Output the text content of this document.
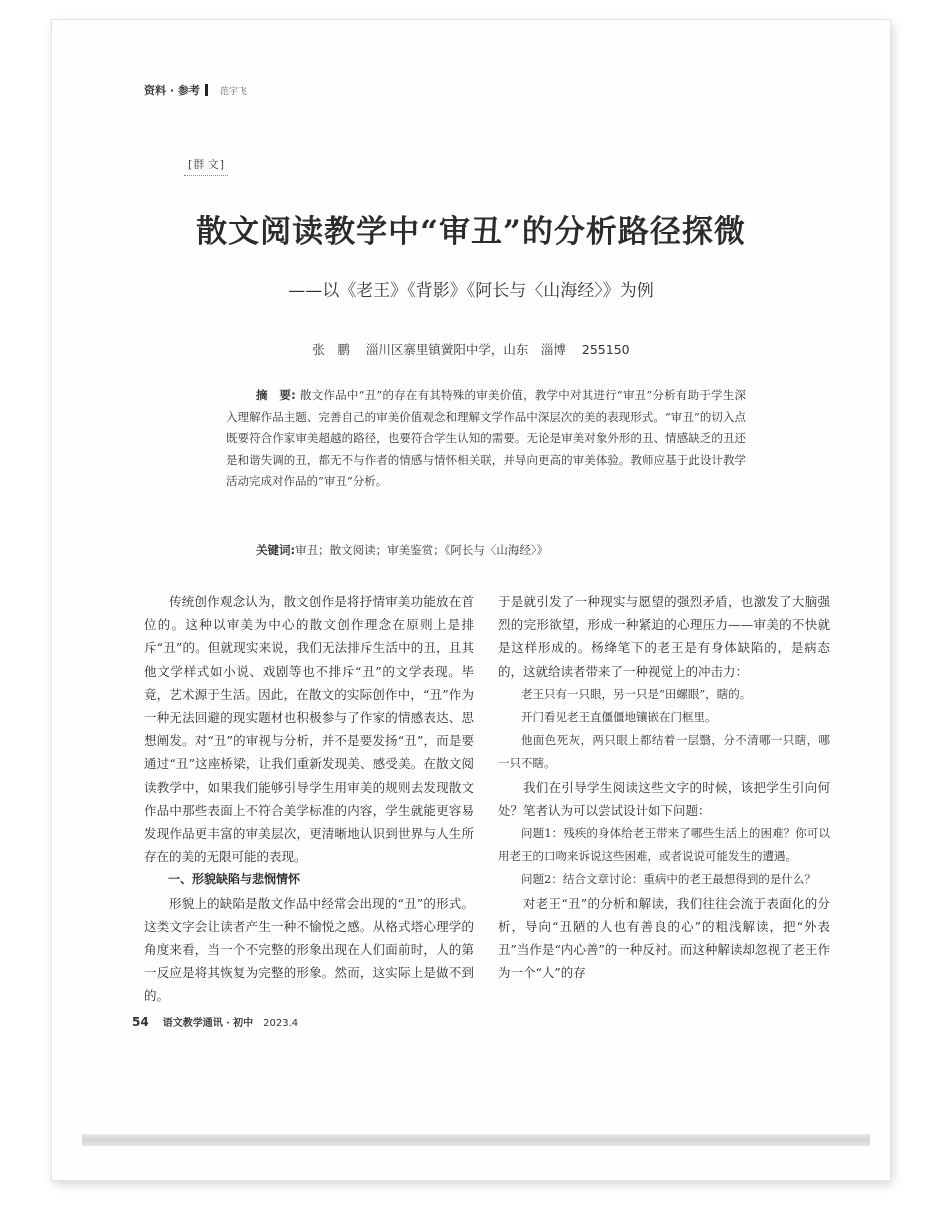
资料 · 参考 范宇飞
[ 群 文 ]
散文阅读教学中“审丑”的分析路径探微
——以《老王》《背影》《阿长与〈山海经〉》为例
张　鹏 淄川区寨里镇黉阳中学，山东　淄博 255150
摘　要: 散文作品中“丑”的存在有其特殊的审美价值，教学中对其进行“审丑”分析有助于学生深入理解作品主题、完善自己的审美价值观念和理解文学作品中深层次的美的表现形式。“审丑”的切入点既要符合作家审美超越的路径，也要符合学生认知的需要。无论是审美对象外形的丑、情感缺乏的丑还是和谐失调的丑，都无不与作者的情感与情怀相关联，并导向更高的审美体验。教师应基于此设计教学活动完成对作品的“审丑”分析。
关键词:审丑；散文阅读；审美鉴赏；《阿长与〈山海经〉》

传统创作观念认为，散文创作是将抒情审美功能放在首位的。这种以审美为中心的散文创作理念在原则上是排斥“丑”的。但就现实来说，我们无法排斥生活中的丑，且其他文学样式如小说、戏剧等也不排斥“丑”的文学表现。毕竟，艺术源于生活。因此，在散文的实际创作中，“丑”作为一种无法回避的现实题材也积极参与了作家的情感表达、思想阐发。对“丑”的审视与分析，并不是要发扬“丑”，而是要通过“丑”这座桥梁，让我们重新发现美、感受美。在散文阅读教学中，如果我们能够引导学生用审美的规则去发现散文作品中那些表面上不符合美学标准的内容，学生就能更容易发现作品更丰富的审美层次，更清晰地认识到世界与人生所存在的美的无限可能的表现。

一、形貌缺陷与悲悯情怀

形貌上的缺陷是散文作品中经常会出现的“丑”的形式。这类文字会让读者产生一种不愉悦之感。从格式塔心理学的角度来看，当一个不完整的形象出现在人们面前时，人的第一反应是将其恢复为完整的形象。然而，这实际上是做不到的。

于是就引发了一种现实与愿望的强烈矛盾，也激发了大脑强烈的完形欲望，形成一种紧迫的心理压力——审美的不快就是这样形成的。杨绛笔下的老王是有身体缺陷的，是病态的，这就给读者带来了一种视觉上的冲击力：

老王只有一只眼，另一只是“田螺眼”，瞎的。

开门看见老王直僵僵地镶嵌在门框里。

他面色死灰，两只眼上都结着一层翳，分不清哪一只瞎，哪一只不瞎。

我们在引导学生阅读这些文字的时候，该把学生引向何处？笔者认为可以尝试设计如下问题：

问题1：残疾的身体给老王带来了哪些生活上的困难？你可以用老王的口吻来诉说这些困难，或者说说可能发生的遭遇。

问题2：结合文章讨论：重病中的老王最想得到的是什么？

对老王“丑”的分析和解读，我们往往会流于表面化的分析，导向“丑陋的人也有善良的心”的粗浅解读，把“外表丑”当作是“内心善”的一种反衬。而这种解读却忽视了老王作为一个“人”的存

54 语文教学通讯 · 初中 2023.4
